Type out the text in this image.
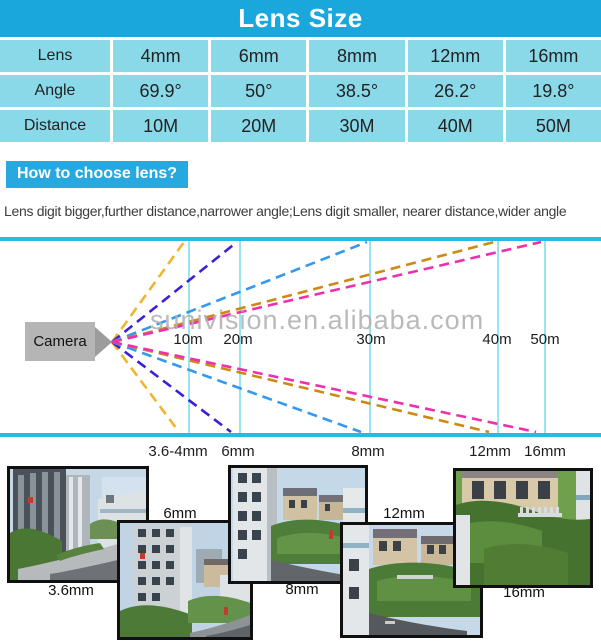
Lens Size
Lens	4mm	6mm	8mm	12mm	16mm
Angle	69.9°	50°	38.5°	26.2°	19.8°
Distance	10M	20M	30M	40M	50M
How to choose lens?
Lens digit bigger,further distance,narrower angle;Lens digit smaller, nearer distance,wider angle
sunivision.en.alibaba.com
Camera	10m 20m	30m	40m 50m
3.6-4mm 6mm	8mm	12mm 16mm
3.6mm
6mm
8mm
12mm
16mm
